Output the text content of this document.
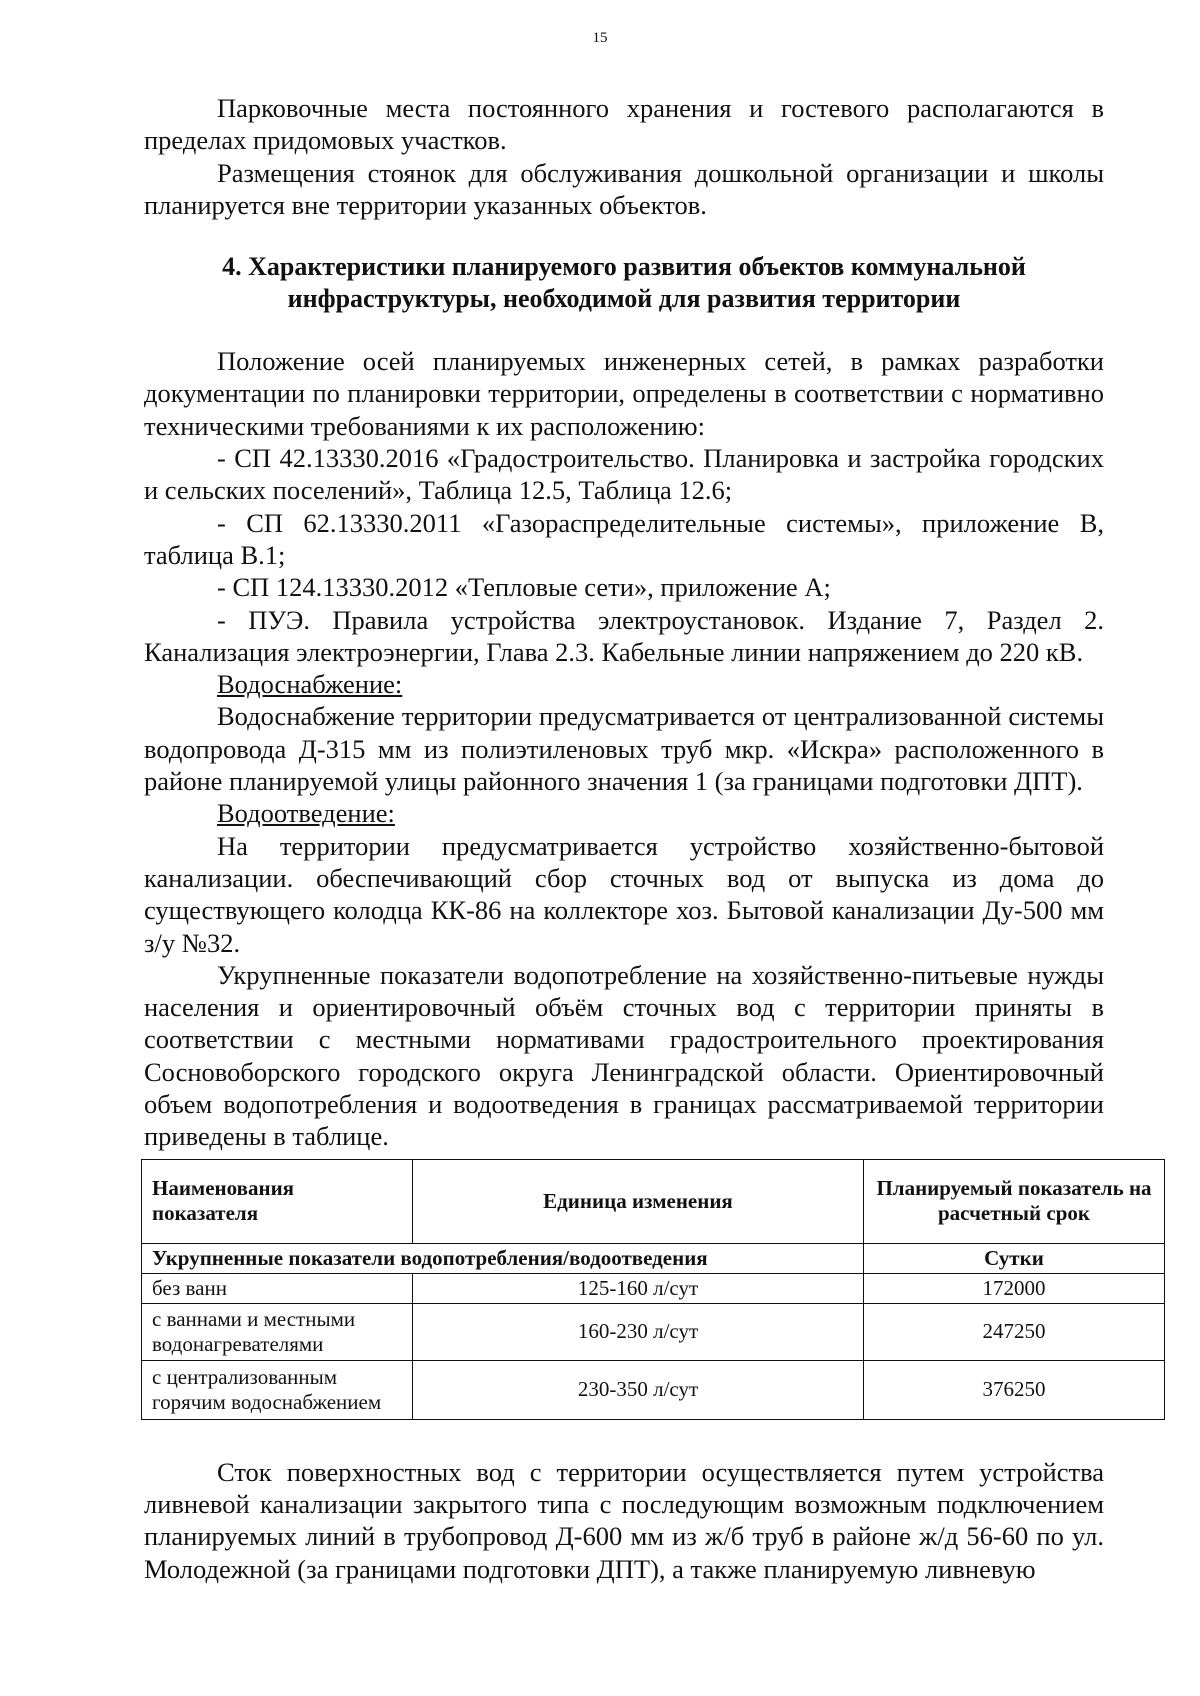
15

Парковочные места постоянного хранения и гостевого располагаются в пределах придомовых участков.

Размещения стоянок для обслуживания дошкольной организации и школы планируется вне территории указанных объектов.

4. Характеристики планируемого развития объектов коммунальной
инфраструктуры, необходимой для развития территории

Положение осей планируемых инженерных сетей, в рамках разработки документации по планировки территории, определены в соответствии с нормативно техническими требованиями к их расположению:

- СП 42.13330.2016 «Градостроительство. Планировка и застройка городских и сельских поселений», Таблица 12.5, Таблица 12.6;

- СП 62.13330.2011 «Газораспределительные системы», приложение В, таблица В.1;

- СП 124.13330.2012 «Тепловые сети», приложение А;

- ПУЭ. Правила устройства электроустановок. Издание 7, Раздел 2. Канализация электроэнергии, Глава 2.3. Кабельные линии напряжением до 220 кВ.

Водоснабжение:

Водоснабжение территории предусматривается от централизованной системы водопровода Д-315 мм из полиэтиленовых труб мкр. «Искра» расположенного в районе планируемой улицы районного значения 1 (за границами подготовки ДПТ).

Водоотведение:

На территории предусматривается устройство хозяйственно-бытовой канализации. обеспечивающий сбор сточных вод от выпуска из дома до существующего колодца КК-86 на коллекторе хоз. Бытовой канализации Ду-500 мм з/у №32.

Укрупненные показатели водопотребление на хозяйственно-питьевые нужды населения и ориентировочный объём сточных вод с территории приняты в соответствии с местными нормативами градостроительного проектирования Сосновоборского городского округа Ленинградской области. Ориентировочный объем водопотребления и водоотведения в границах рассматриваемой территории приведены в таблице.

Наименования показателя	Единица изменения	Планируемый показатель на расчетный срок
Укрупненные показатели водопотребления/водоотведения		Сутки
без ванн	125-160 л/сут	172000
с ваннами и местными водонагревателями	160-230 л/сут	247250
с централизованным горячим водоснабжением	230-350 л/сут	376250

Сток поверхностных вод с территории осуществляется путем устройства ливневой канализации закрытого типа с последующим возможным подключением планируемых линий в трубопровод Д-600 мм из ж/б труб в районе ж/д 56-60 по ул. Молодежной (за границами подготовки ДПТ), а также планируемую ливневую
